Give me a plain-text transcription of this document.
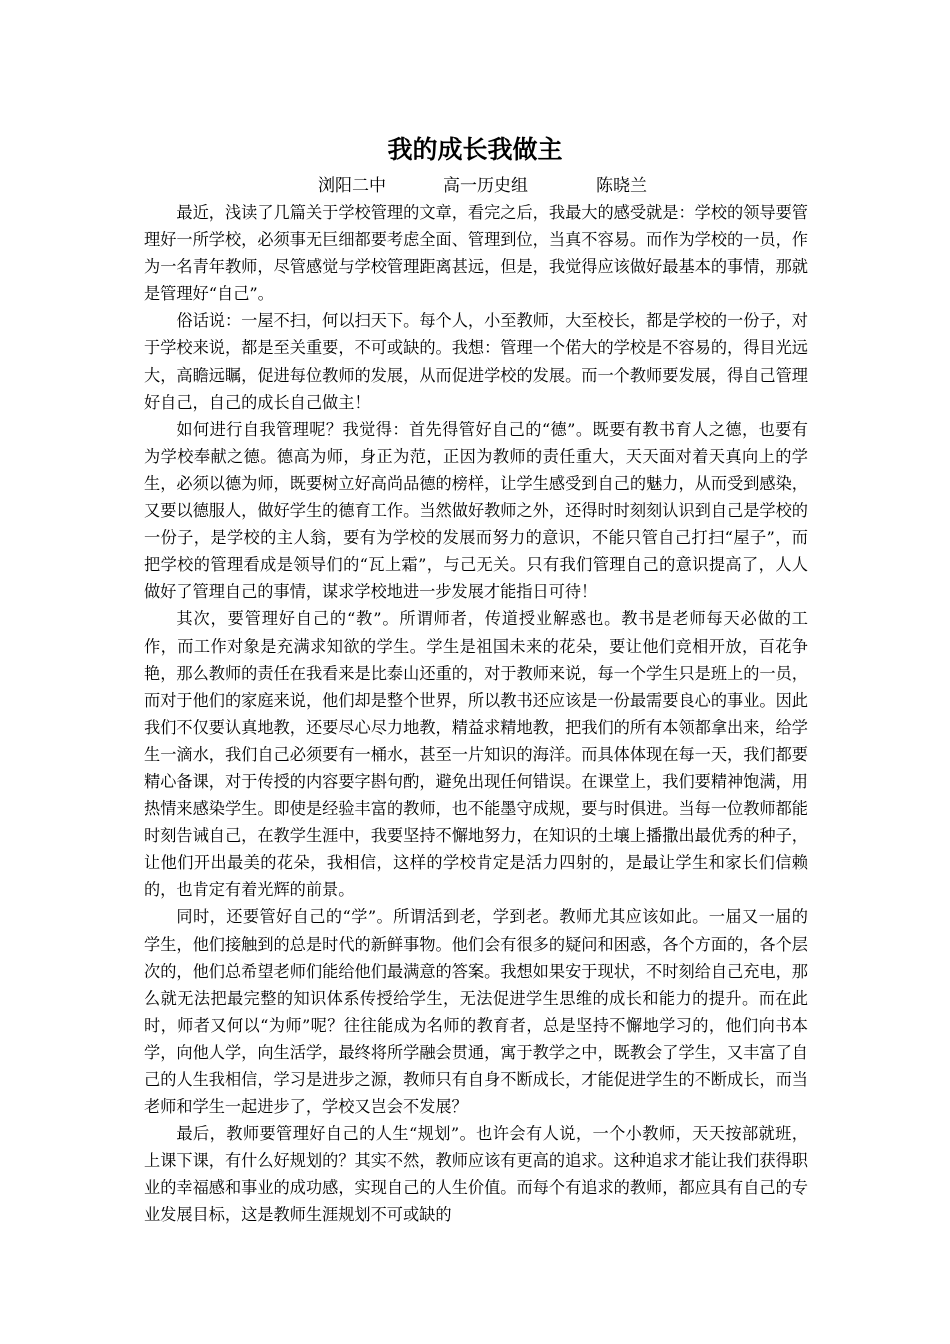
我的成长我做主
浏阳二中	高一历史组	陈晓兰

最近，浅读了几篇关于学校管理的文章，看完之后，我最大的感受就是：学校的领导要管理好一所学校，必须事无巨细都要考虑全面、管理到位，当真不容易。而作为学校的一员，作为一名青年教师，尽管感觉与学校管理距离甚远，但是，我觉得应该做好最基本的事情，那就是管理好“自己”。

俗话说：一屋不扫，何以扫天下。每个人，小至教师，大至校长，都是学校的一份子，对于学校来说，都是至关重要，不可或缺的。我想：管理一个偌大的学校是不容易的，得目光远大，高瞻远瞩，促进每位教师的发展，从而促进学校的发展。而一个教师要发展，得自己管理好自己，自己的成长自己做主！

如何进行自我管理呢？我觉得：首先得管好自己的“德”。既要有教书育人之德，也要有为学校奉献之德。德高为师，身正为范，正因为教师的责任重大，天天面对着天真向上的学生，必须以德为师，既要树立好高尚品德的榜样，让学生感受到自己的魅力，从而受到感染，又要以德服人，做好学生的德育工作。当然做好教师之外，还得时时刻刻认识到自己是学校的一份子，是学校的主人翁，要有为学校的发展而努力的意识，不能只管自己打扫“屋子”，而把学校的管理看成是领导们的“瓦上霜”，与己无关。只有我们管理自己的意识提高了，人人做好了管理自己的事情，谋求学校地进一步发展才能指日可待！

其次，要管理好自己的“教”。所谓师者，传道授业解惑也。教书是老师每天必做的工作，而工作对象是充满求知欲的学生。学生是祖国未来的花朵，要让他们竞相开放，百花争艳，那么教师的责任在我看来是比泰山还重的，对于教师来说，每一个学生只是班上的一员，而对于他们的家庭来说，他们却是整个世界，所以教书还应该是一份最需要良心的事业。因此我们不仅要认真地教，还要尽心尽力地教，精益求精地教，把我们的所有本领都拿出来，给学生一滴水，我们自己必须要有一桶水，甚至一片知识的海洋。而具体体现在每一天，我们都要精心备课，对于传授的内容要字斟句酌，避免出现任何错误。在课堂上，我们要精神饱满，用热情来感染学生。即使是经验丰富的教师，也不能墨守成规，要与时俱进。当每一位教师都能时刻告诫自己，在教学生涯中，我要坚持不懈地努力，在知识的土壤上播撒出最优秀的种子，让他们开出最美的花朵，我相信，这样的学校肯定是活力四射的，是最让学生和家长们信赖的，也肯定有着光辉的前景。

同时，还要管好自己的“学”。所谓活到老，学到老。教师尤其应该如此。一届又一届的学生，他们接触到的总是时代的新鲜事物。他们会有很多的疑问和困惑，各个方面的，各个层次的，他们总希望老师们能给他们最满意的答案。我想如果安于现状，不时刻给自己充电，那么就无法把最完整的知识体系传授给学生，无法促进学生思维的成长和能力的提升。而在此时，师者又何以“为师”呢？往往能成为名师的教育者，总是坚持不懈地学习的，他们向书本学，向他人学，向生活学，最终将所学融会贯通，寓于教学之中，既教会了学生，又丰富了自己的人生我相信，学习是进步之源，教师只有自身不断成长，才能促进学生的不断成长，而当老师和学生一起进步了，学校又岂会不发展？

最后，教师要管理好自己的人生“规划”。也许会有人说，一个小教师，天天按部就班，上课下课，有什么好规划的？其实不然，教师应该有更高的追求。这种追求才能让我们获得职业的幸福感和事业的成功感，实现自己的人生价值。而每个有追求的教师，都应具有自己的专业发展目标，这是教师生涯规划不可或缺的
